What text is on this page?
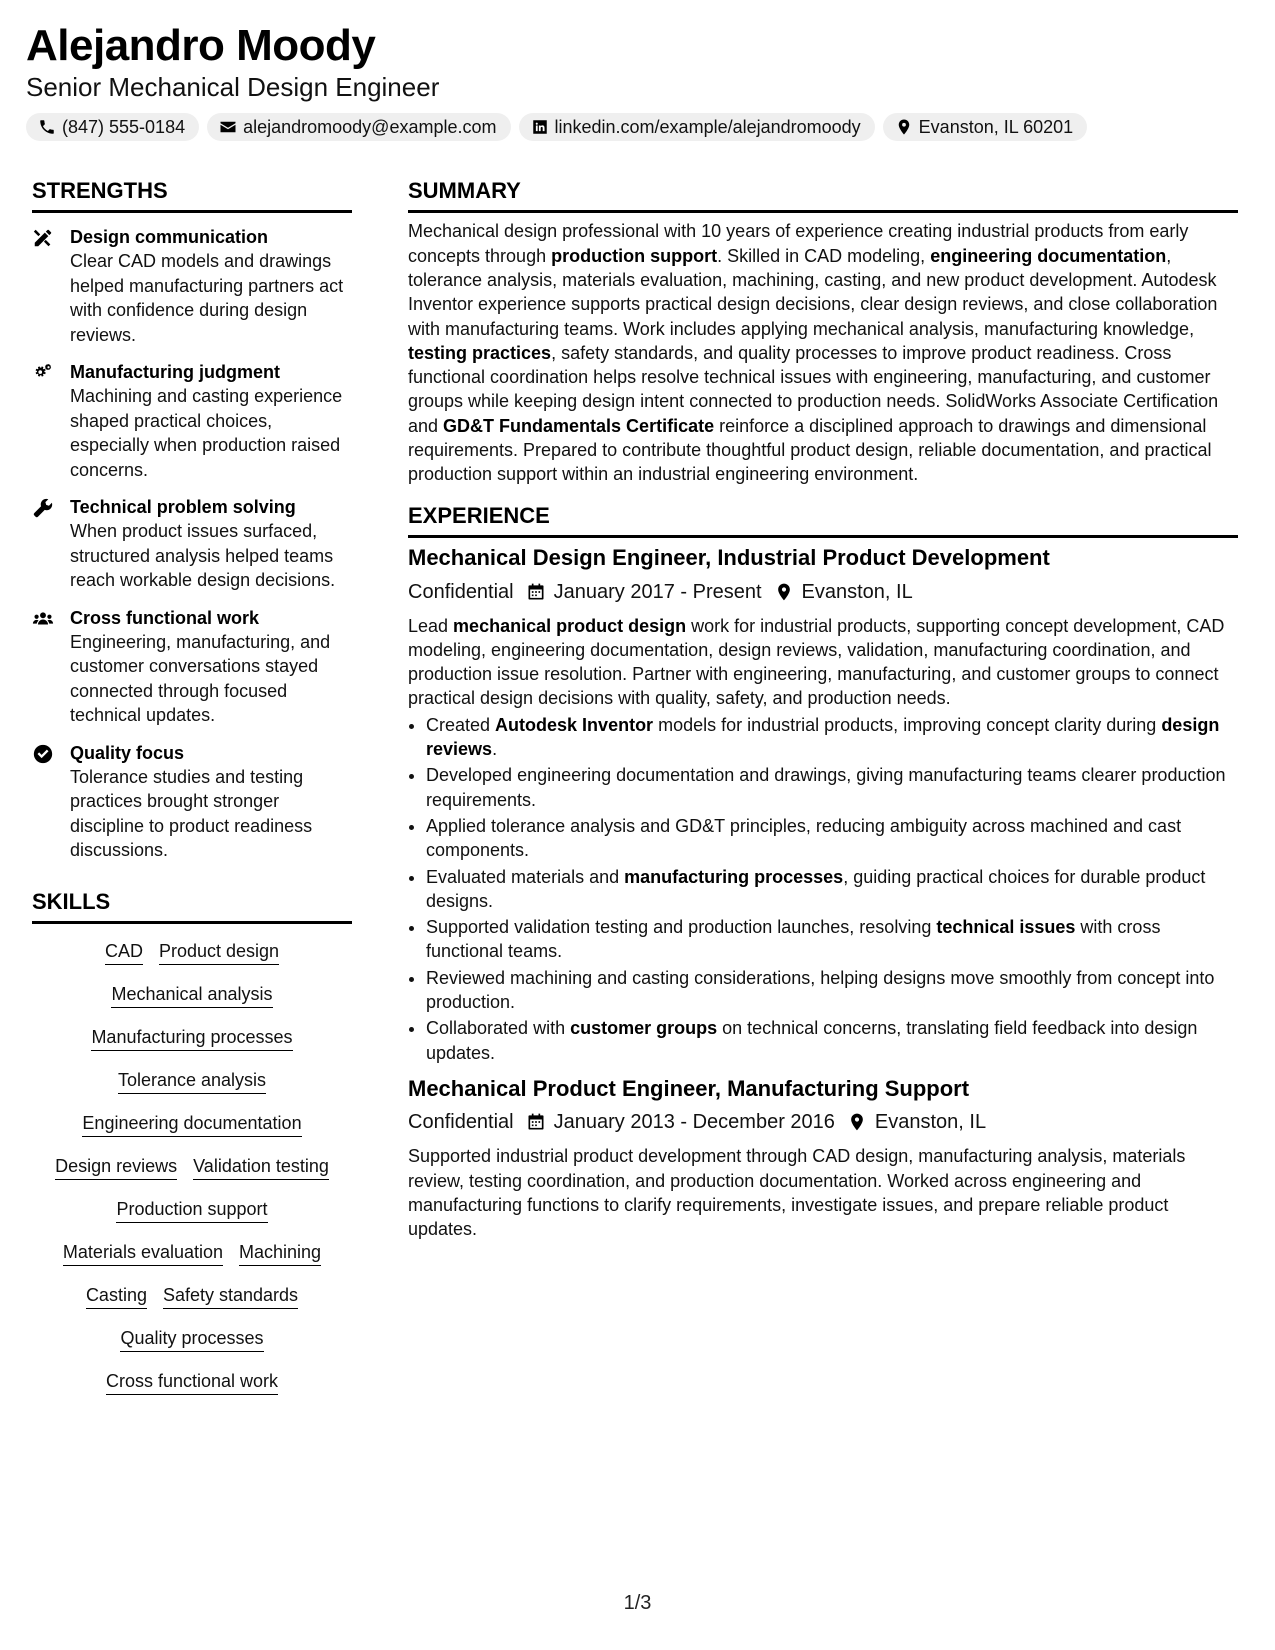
Alejandro Moody
Senior Mechanical Design Engineer
(847) 555-0184	alejandromoody@example.com	linkedin.com/example/alejandromoody	Evanston, IL 60201
STRENGTHS
Design communication
Clear CAD models and drawings helped manufacturing partners act with confidence during design reviews.
Manufacturing judgment
Machining and casting experience shaped practical choices, especially when production raised concerns.
Technical problem solving
When product issues surfaced, structured analysis helped teams reach workable design decisions.
Cross functional work
Engineering, manufacturing, and customer conversations stayed connected through focused technical updates.
Quality focus
Tolerance studies and testing practices brought stronger discipline to product readiness discussions.
SKILLS
CAD Product design
Mechanical analysis
Manufacturing processes
Tolerance analysis
Engineering documentation
Design reviews Validation testing
Production support
Materials evaluation Machining
Casting Safety standards
Quality processes
Cross functional work
SUMMARY
Mechanical design professional with 10 years of experience creating industrial products from early concepts through production support. Skilled in CAD modeling, engineering documentation, tolerance analysis, materials evaluation, machining, casting, and new product development. Autodesk Inventor experience supports practical design decisions, clear design reviews, and close collaboration with manufacturing teams. Work includes applying mechanical analysis, manufacturing knowledge, testing practices, safety standards, and quality processes to improve product readiness. Cross functional coordination helps resolve technical issues with engineering, manufacturing, and customer groups while keeping design intent connected to production needs. SolidWorks Associate Certification and GD&T Fundamentals Certificate reinforce a disciplined approach to drawings and dimensional requirements. Prepared to contribute thoughtful product design, reliable documentation, and practical production support within an industrial engineering environment.
EXPERIENCE
Mechanical Design Engineer, Industrial Product Development
Confidential January 2017 - Present Evanston, IL
Lead mechanical product design work for industrial products, supporting concept development, CAD modeling, engineering documentation, design reviews, validation, manufacturing coordination, and production issue resolution. Partner with engineering, manufacturing, and customer groups to connect practical design decisions with quality, safety, and production needs.
• Created Autodesk Inventor models for industrial products, improving concept clarity during design reviews.
• Developed engineering documentation and drawings, giving manufacturing teams clearer production requirements.
• Applied tolerance analysis and GD&T principles, reducing ambiguity across machined and cast components.
• Evaluated materials and manufacturing processes, guiding practical choices for durable product designs.
• Supported validation testing and production launches, resolving technical issues with cross functional teams.
• Reviewed machining and casting considerations, helping designs move smoothly from concept into production.
• Collaborated with customer groups on technical concerns, translating field feedback into design updates.
Mechanical Product Engineer, Manufacturing Support
Confidential January 2013 - December 2016 Evanston, IL
Supported industrial product development through CAD design, manufacturing analysis, materials review, testing coordination, and production documentation. Worked across engineering and manufacturing functions to clarify requirements, investigate issues, and prepare reliable product updates.
1/3
